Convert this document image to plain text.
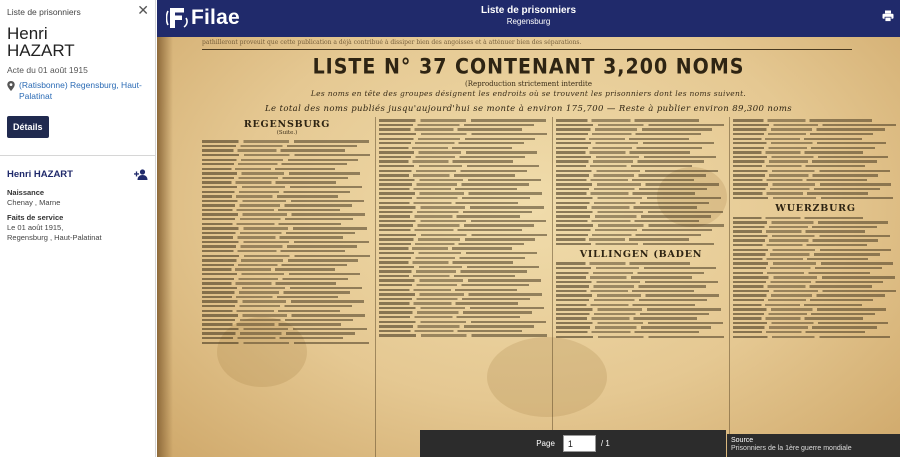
Liste de prisonniers	✕
Henri
HAZART
Acte du 01 août 1915
(Ratisbonne) Regensburg, Haut-Palatinat
Détails
Henri HAZART
Naissance
Chenay , Marne
Faits de service
Le 01 août 1915,
Regensburg , Haut-Palatinat
Filae	Liste de prisonniers
Regensburg
pathilleront proveuit que cette publication a déjà contribué à dissiper bien des angoisses et à atténuer bien des séparations.
LISTE N° 37 CONTENANT 3,200 NOMS
(Reproduction strictement interdite
Les noms en tête des groupes désignent les endroits où se trouvent les prisonniers dont les noms suivent.
Le total des noms publiés jusqu'aujourd'hui se monte à environ 175,700 — Reste à publier environ 89,300 noms
REGENSBURG
(Suite.)
VILLINGEN (BADEN
WUERZBURG
Page
1	/ 1	Source
Prisonniers de la 1ère guerre mondiale
